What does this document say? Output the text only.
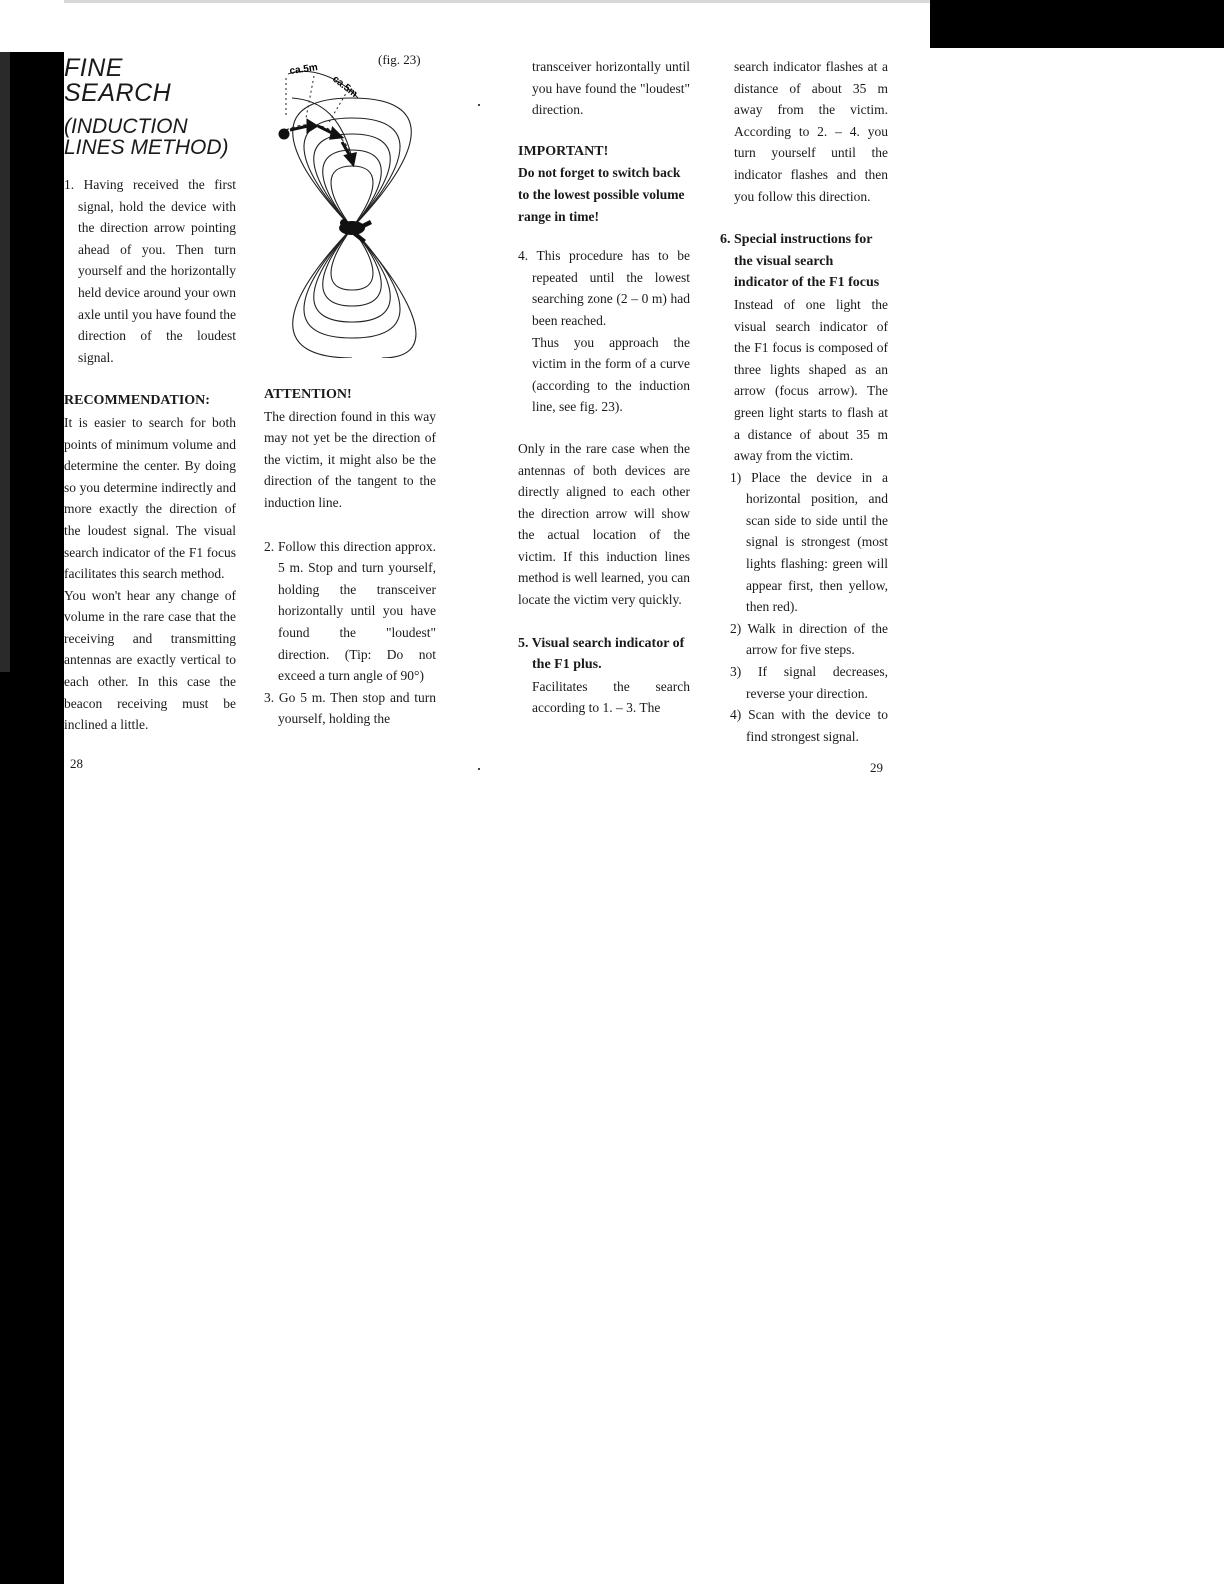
FINE SEARCH
(INDUCTION
LINES METHOD)

1. Having received the first signal, hold the device with the direction arrow pointing ahead of you. Then turn yourself and the horizontally held device around your own axle until you have found the direction of the loudest signal.

RECOMMENDATION:

It is easier to search for both points of minimum volume and determine the center. By doing so you determine indirectly and more exactly the direction of the loudest signal. The visual search indicator of the F1 focus facilitates this search method.

You won't hear any change of volume in the rare case that the receiving and transmitting antennas are exactly vertical to each other. In this case the beacon receiving must be inclined a little.

(fig. 23)
ca.5m
ca.5m
ATTENTION!

The direction found in this way may not yet be the direction of the victim, it might also be the direction of the tangent to the induction line.

2. Follow this direction approx. 5 m. Stop and turn yourself, holding the transceiver horizontally until you have found the "loudest" direction. (Tip: Do not exceed a turn angle of 90°)

3. Go 5 m. Then stop and turn yourself, holding the

transceiver horizontally until you have found the "loudest" direction.

IMPORTANT!

Do not forget to switch back to the lowest possible volume range in time!

4. This procedure has to be repeated until the lowest searching zone (2 – 0 m) had been reached.

Thus you approach the victim in the form of a curve (according to the induction line, see fig. 23).

Only in the rare case when the antennas of both devices are directly aligned to each other the direction arrow will show the actual location of the victim. If this induction lines method is well learned, you can locate the victim very quickly.

5. Visual search indicator of the F1 plus.

Facilitates the search according to 1. – 3. The

search indicator flashes at a distance of about 35 m away from the victim. According to 2. – 4. you turn yourself until the indicator flashes and then you follow this direction.

6. Special instructions for the visual search indicator of the F1 focus

Instead of one light the visual search indicator of the F1 focus is composed of three lights shaped as an arrow (focus arrow). The green light starts to flash at a distance of about 35 m away from the victim.

1) Place the device in a horizontal position, and scan side to side until the signal is strongest (most lights flashing: green will appear first, then yellow, then red).

2) Walk in direction of the arrow for five steps.

3) If signal decreases, reverse your direction.

4) Scan with the device to find strongest signal.

28	29
